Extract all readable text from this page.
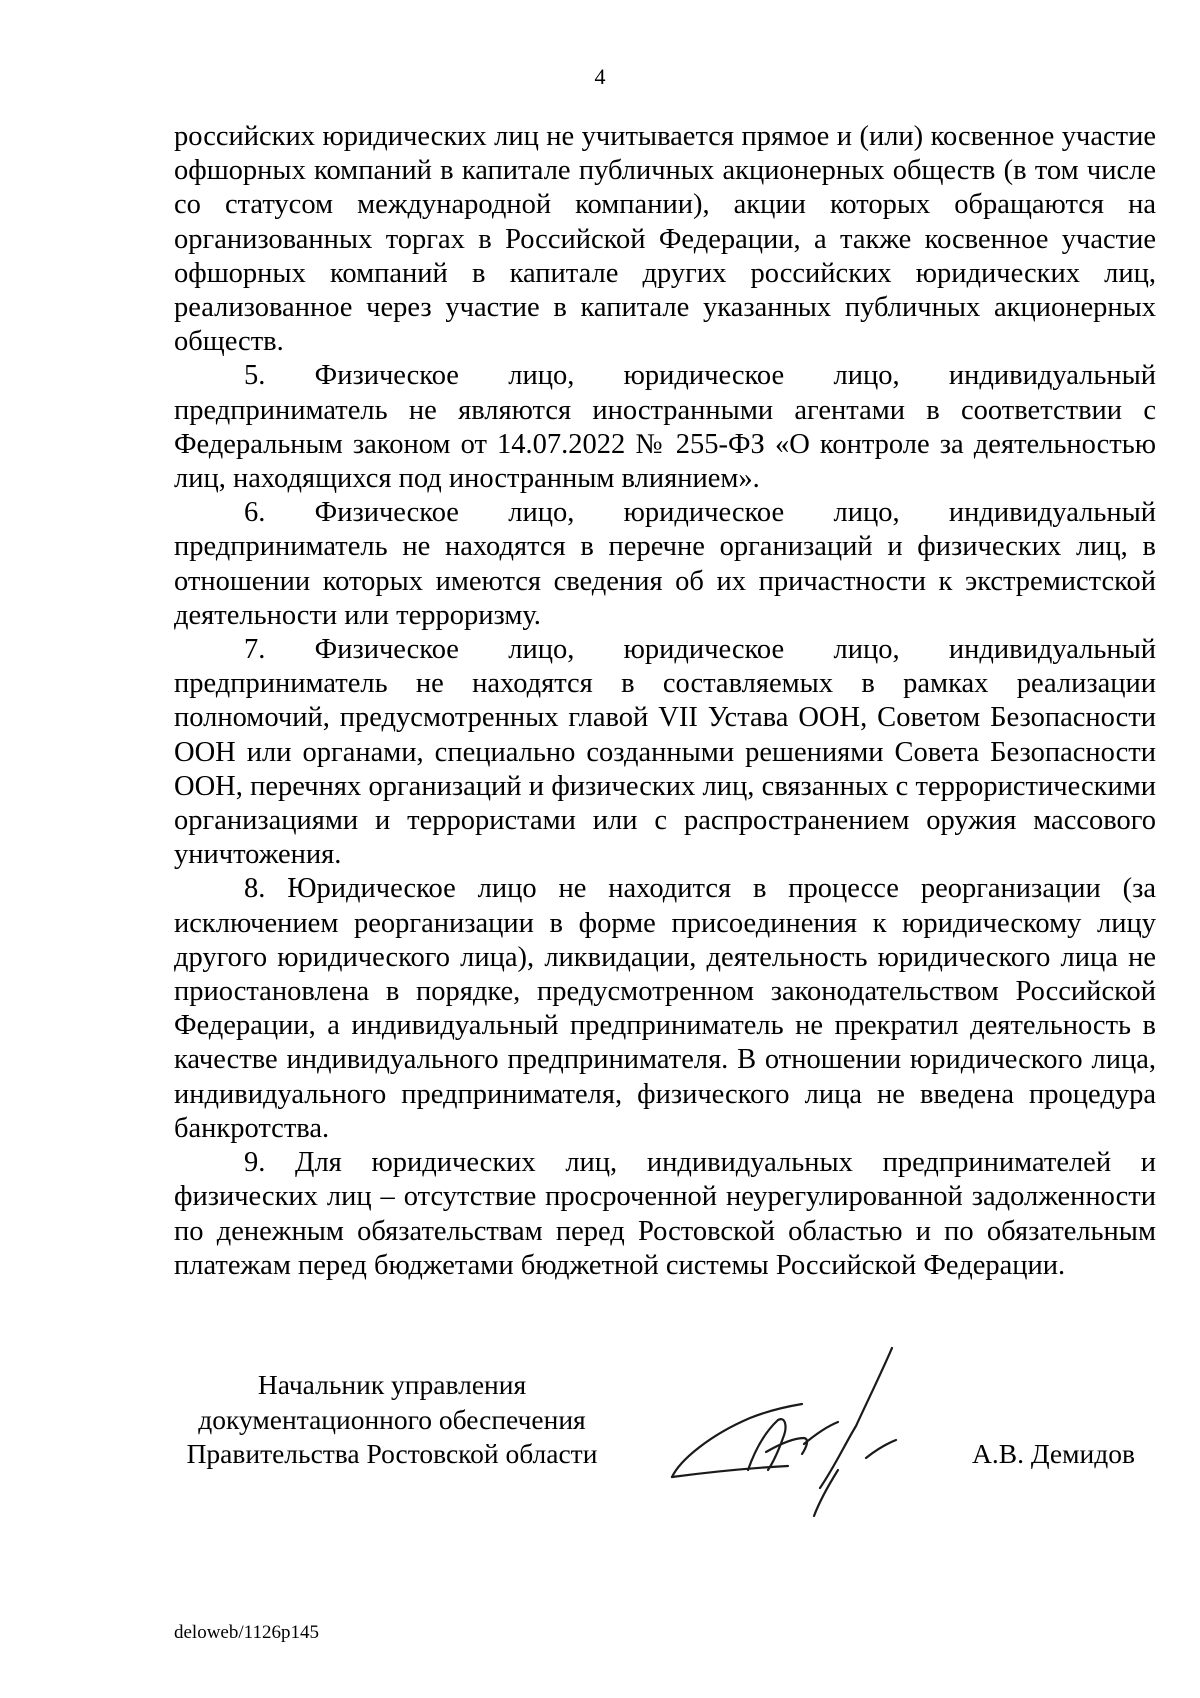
4

российских юридических лиц не учитывается прямое и (или) косвенное участие офшорных компаний в капитале публичных акционерных обществ (в том числе со статусом международной компании), акции которых обращаются на организованных торгах в Российской Федерации, а также косвенное участие офшорных компаний в капитале других российских юридических лиц, реализованное через участие в капитале указанных публичных акционерных обществ.

5. Физическое лицо, юридическое лицо, индивидуальный предприниматель не являются иностранными агентами в соответствии с Федеральным законом от 14.07.2022 № 255-ФЗ «О контроле за деятельностью лиц, находящихся под иностранным влиянием».

6. Физическое лицо, юридическое лицо, индивидуальный предприниматель не находятся в перечне организаций и физических лиц, в отношении которых имеются сведения об их причастности к экстремистской деятельности или терроризму.

7. Физическое лицо, юридическое лицо, индивидуальный предприниматель не находятся в составляемых в рамках реализации полномочий, предусмотренных главой VII Устава ООН, Советом Безопасности ООН или органами, специально созданными решениями Совета Безопасности ООН, перечнях организаций и физических лиц, связанных с террористическими организациями и террористами или с распространением оружия массового уничтожения.

8. Юридическое лицо не находится в процессе реорганизации (за исключением реорганизации в форме присоединения к юридическому лицу другого юридического лица), ликвидации, деятельность юридического лица не приостановлена в порядке, предусмотренном законодательством Российской Федерации, а индивидуальный предприниматель не прекратил деятельность в качестве индивидуального предпринимателя. В отношении юридического лица, индивидуального предпринимателя, физического лица не введена процедура банкротства.

9. Для юридических лиц, индивидуальных предпринимателей и физических лиц – отсутствие просроченной неурегулированной задолженности по денежным обязательствам перед Ростовской областью и по обязательным платежам перед бюджетами бюджетной системы Российской Федерации.

Начальник управления
документационного обеспечения
Правительства Ростовской области	А.В. Демидов
deloweb/1126p145
